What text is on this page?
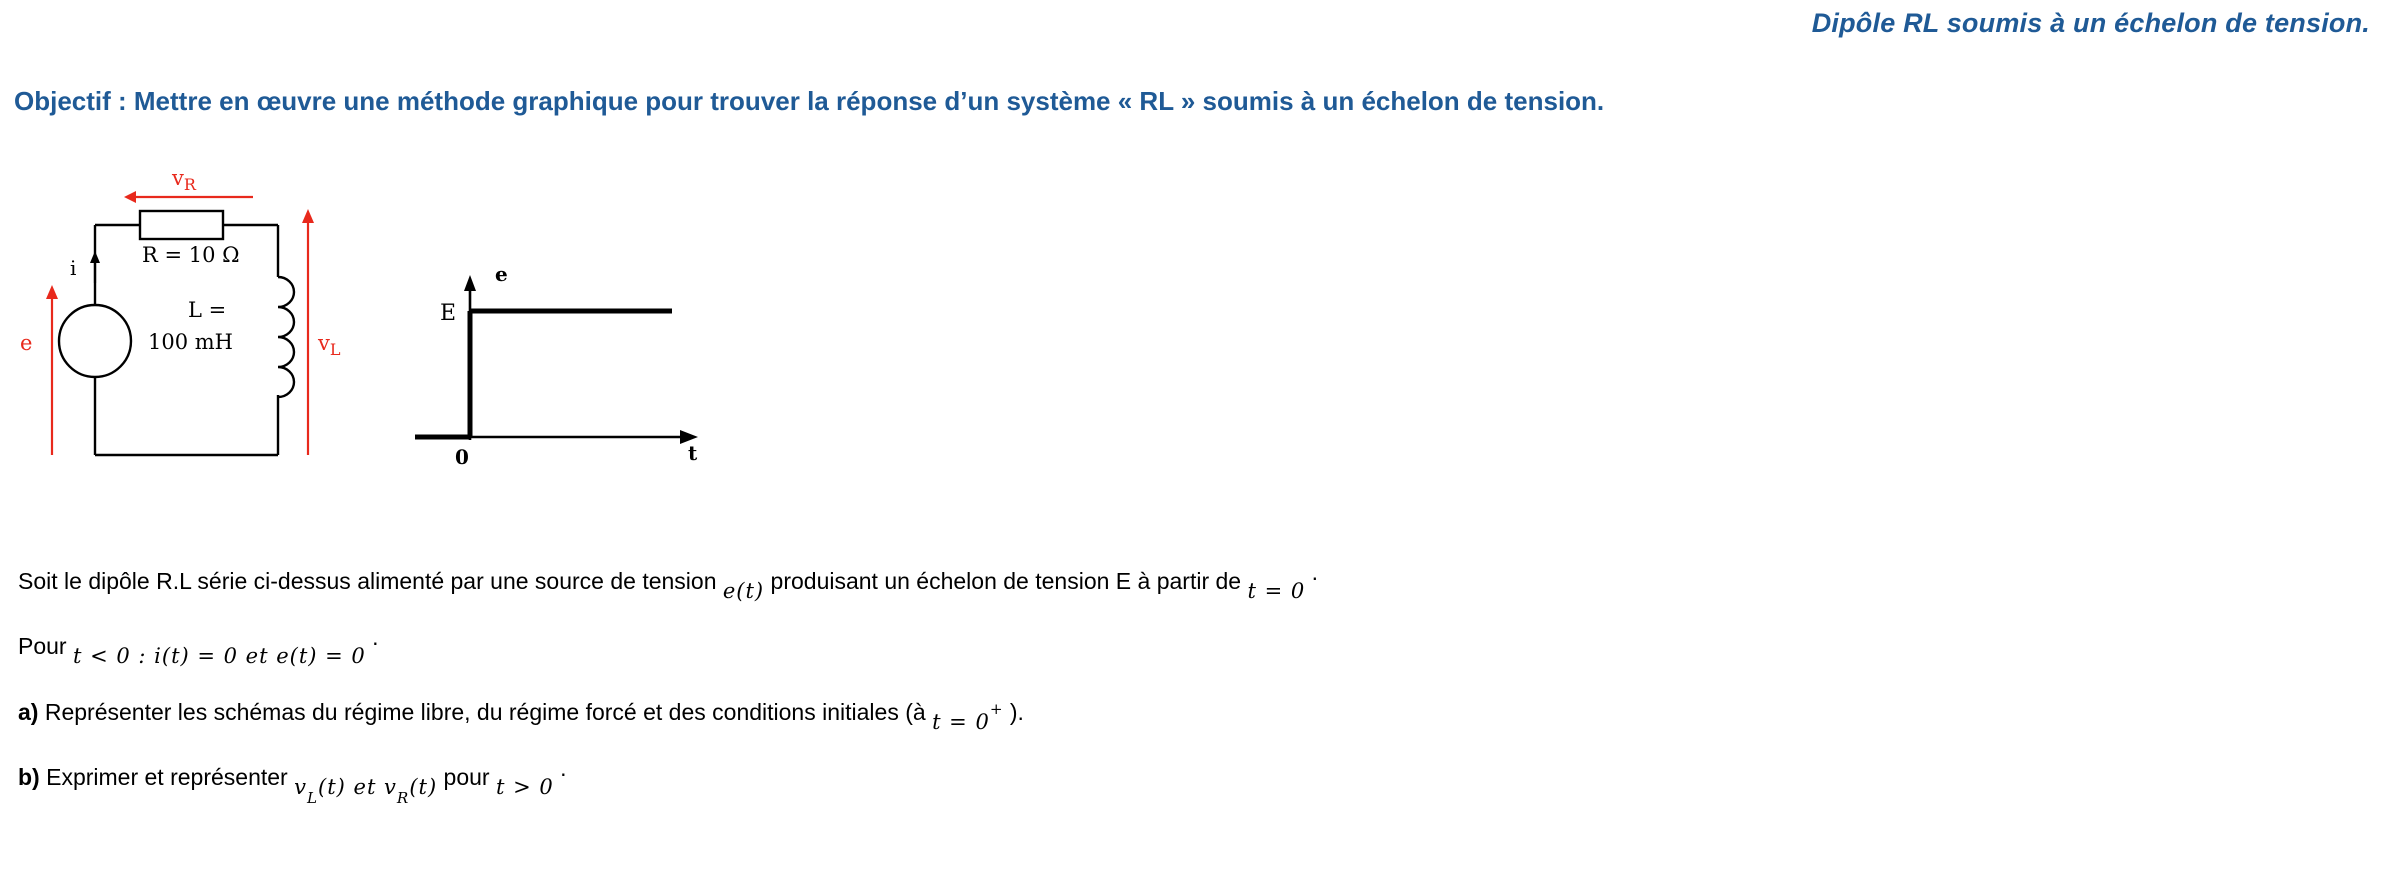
Dipôle RL soumis à un échelon de tension.
Objectif : Mettre en œuvre une méthode graphique pour trouver la réponse d’un système « RL » soumis à un échelon de tension.
$v_R$
e	$v_L$
i
R = 10 Ω
L =
100 mH
e
t
E
0
Soit le dipôle R.L série ci-dessus alimenté par une source de tension e(t) produisant un échelon de tension E à partir de t = 0 .
Pour t < 0 : i(t) = 0 et e(t) = 0 .
a) Représenter les schémas du régime libre, du régime forcé et des conditions initiales (à t = 0+ ).
b) Exprimer et représenter $v_L(t)$ et $v_R(t)$ pour t > 0 .
